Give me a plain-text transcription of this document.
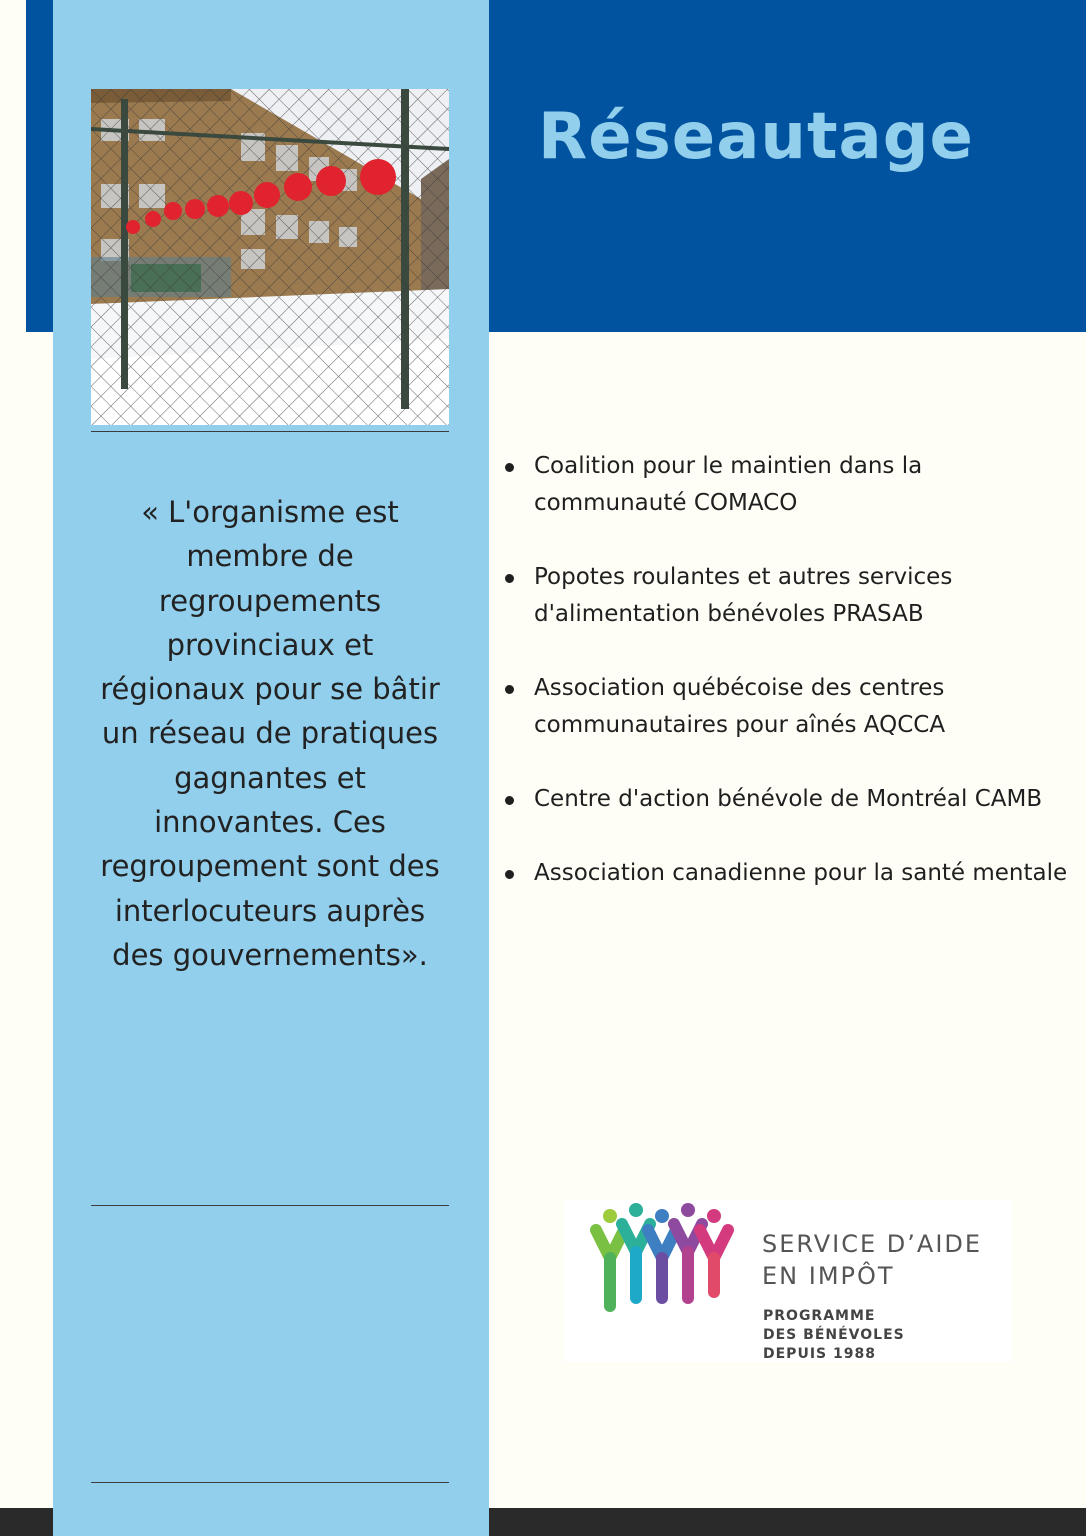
Réseautage

« L'organisme est membre de regroupements provinciaux et régionaux pour se bâtir un réseau de pratiques gagnantes et innovantes. Ces regroupement sont des interlocuteurs auprès des gouvernements».

Coalition pour le maintien dans la communauté COMACO
Popotes roulantes et autres services d'alimentation bénévoles PRASAB
Association québécoise des centres communautaires pour aînés AQCCA
Centre d'action bénévole de Montréal CAMB
Association canadienne pour la santé mentale

SERVICE D’AIDE
EN IMPÔT

PROGRAMME
DES BÉNÉVOLES
DEPUIS 1988
